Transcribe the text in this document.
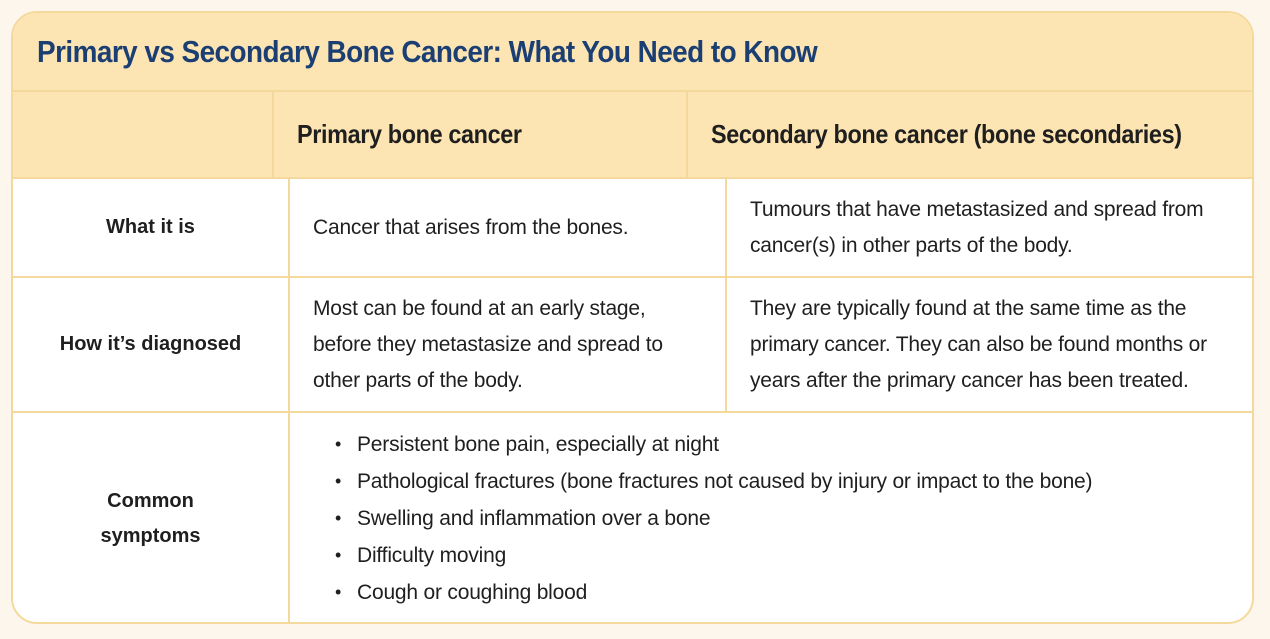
Primary vs Secondary Bone Cancer: What You Need to Know
Primary bone cancer	Secondary bone cancer (bone secondaries)
What it is	Cancer that arises from the bones.
Tumours that have metastasized and spread from cancer(s) in other parts of the body.
How it’s diagnosed
Most can be found at an early stage, before they metastasize and spread to other parts of the body.
They are typically found at the same time as the primary cancer. They can also be found months or years after the primary cancer has been treated.
Common symptoms
• Persistent bone pain, especially at night
• Pathological fractures (bone fractures not caused by injury or impact to the bone)
• Swelling and inflammation over a bone
• Difficulty moving
• Cough or coughing blood
